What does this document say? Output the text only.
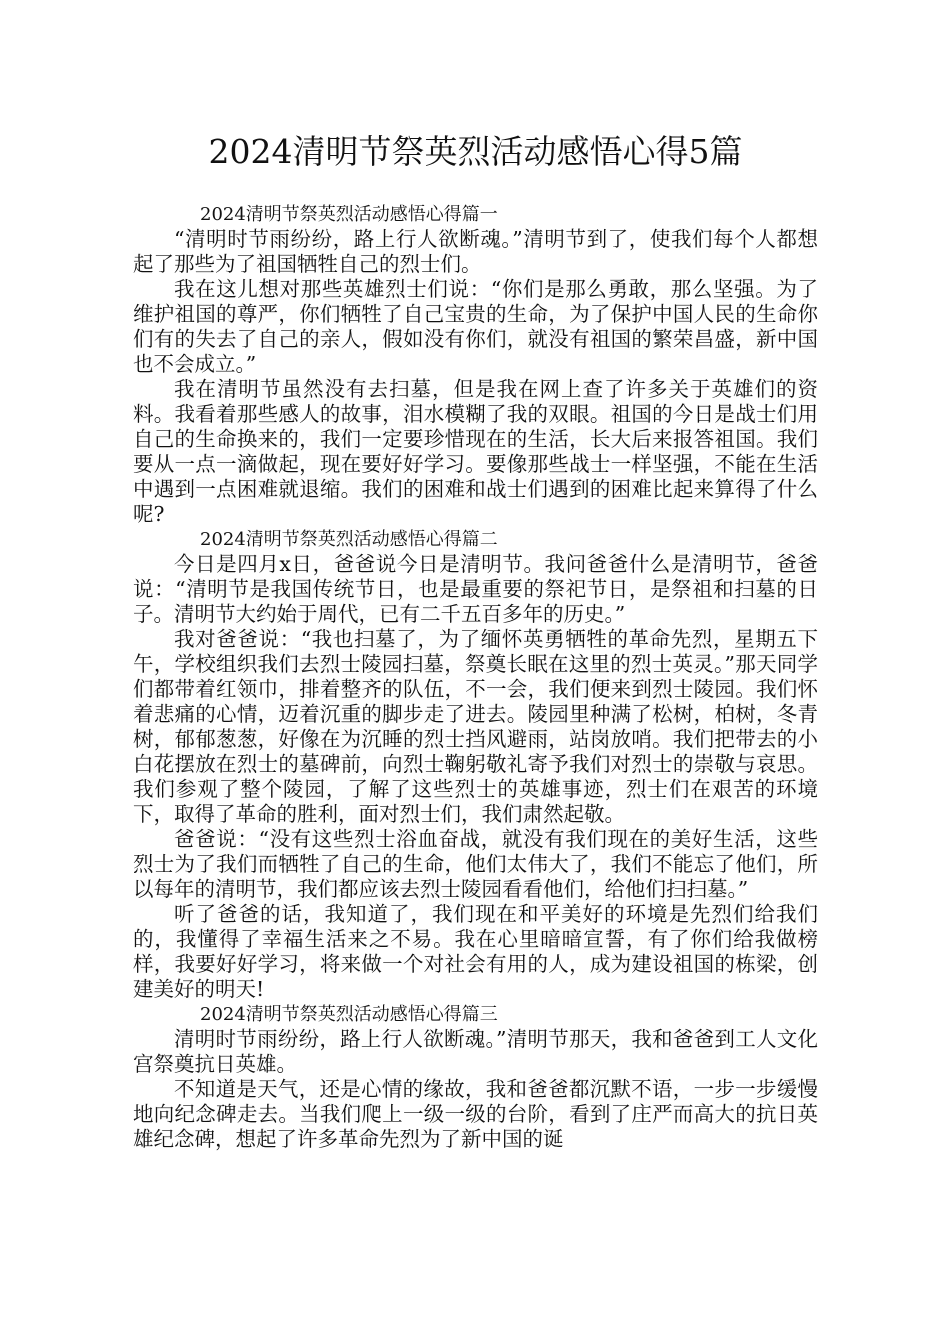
2024清明节祭英烈活动感悟心得5篇

2024清明节祭英烈活动感悟心得篇一

“清明时节雨纷纷，路上行人欲断魂。”清明节到了，使我们每个人都想起了那些为了祖国牺牲自己的烈士们。

我在这儿想对那些英雄烈士们说：“你们是那么勇敢，那么坚强。为了维护祖国的尊严，你们牺牲了自己宝贵的生命，为了保护中国人民的生命你们有的失去了自己的亲人，假如没有你们，就没有祖国的繁荣昌盛，新中国也不会成立。”

我在清明节虽然没有去扫墓，但是我在网上查了许多关于英雄们的资料。我看着那些感人的故事，泪水模糊了我的双眼。祖国的今日是战士们用自己的生命换来的，我们一定要珍惜现在的生活，长大后来报答祖国。我们要从一点一滴做起，现在要好好学习。要像那些战士一样坚强，不能在生活中遇到一点困难就退缩。我们的困难和战士们遇到的困难比起来算得了什么呢?

2024清明节祭英烈活动感悟心得篇二

今日是四月x日，爸爸说今日是清明节。我问爸爸什么是清明节，爸爸说：“清明节是我国传统节日，也是最重要的祭祀节日，是祭祖和扫墓的日子。清明节大约始于周代，已有二千五百多年的历史。”

我对爸爸说：“我也扫墓了，为了缅怀英勇牺牲的革命先烈，星期五下午，学校组织我们去烈士陵园扫墓，祭奠长眠在这里的烈士英灵。”那天同学们都带着红领巾，排着整齐的队伍，不一会，我们便来到烈士陵园。我们怀着悲痛的心情，迈着沉重的脚步走了进去。陵园里种满了松树，柏树，冬青树，郁郁葱葱，好像在为沉睡的烈士挡风避雨，站岗放哨。我们把带去的小白花摆放在烈士的墓碑前，向烈士鞠躬敬礼寄予我们对烈士的崇敬与哀思。我们参观了整个陵园，了解了这些烈士的英雄事迹，烈士们在艰苦的环境下，取得了革命的胜利，面对烈士们，我们肃然起敬。

爸爸说：“没有这些烈士浴血奋战，就没有我们现在的美好生活，这些烈士为了我们而牺牲了自己的生命，他们太伟大了，我们不能忘了他们，所以每年的清明节，我们都应该去烈士陵园看看他们，给他们扫扫墓。”

听了爸爸的话，我知道了，我们现在和平美好的环境是先烈们给我们的，我懂得了幸福生活来之不易。我在心里暗暗宣誓，有了你们给我做榜样，我要好好学习，将来做一个对社会有用的人，成为建设祖国的栋梁，创建美好的明天!

2024清明节祭英烈活动感悟心得篇三

清明时节雨纷纷，路上行人欲断魂。”清明节那天，我和爸爸到工人文化宫祭奠抗日英雄。

不知道是天气，还是心情的缘故，我和爸爸都沉默不语，一步一步缓慢地向纪念碑走去。当我们爬上一级一级的台阶，看到了庄严而高大的抗日英雄纪念碑，想起了许多革命先烈为了新中国的诞
